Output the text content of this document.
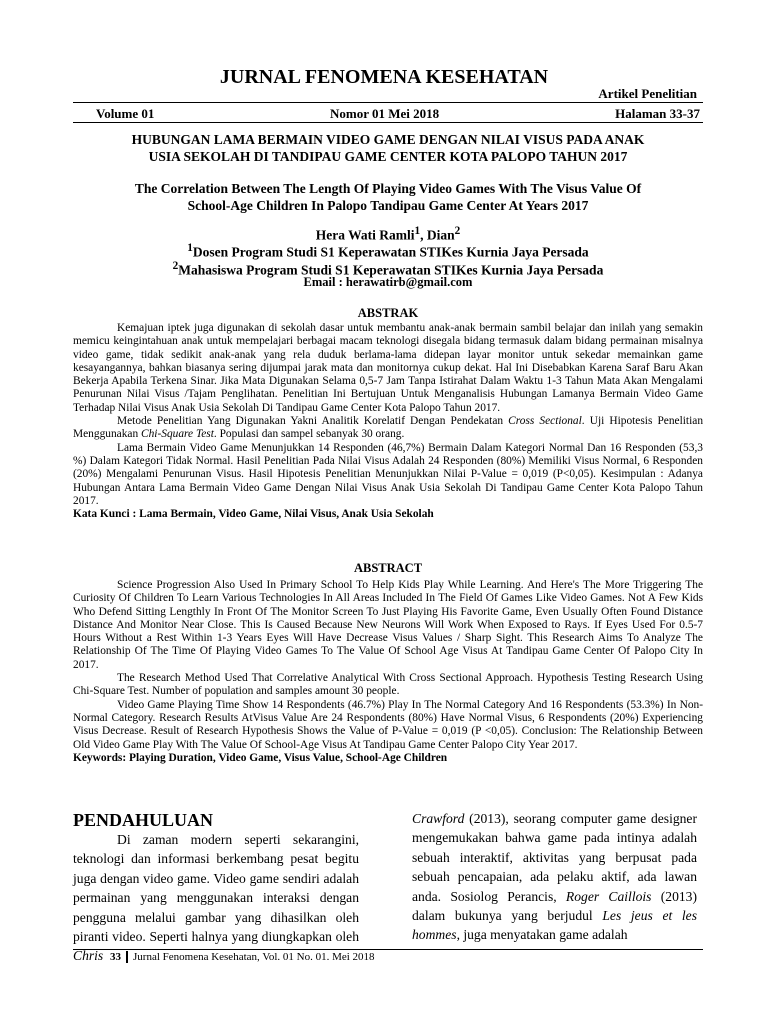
JURNAL FENOMENA KESEHATAN
Artikel Penelitian
Volume 01	Nomor 01 Mei 2018	Halaman 33-37
HUBUNGAN LAMA BERMAIN VIDEO GAME DENGAN NILAI VISUS PADA ANAK
USIA SEKOLAH DI TANDIPAU GAME CENTER KOTA PALOPO TAHUN 2017
The Correlation Between The Length Of Playing Video Games With The Visus Value Of
School-Age Children In Palopo Tandipau Game Center At Years 2017
Hera Wati Ramli$^1$, Dian$^2$
$^1$Dosen Program Studi S1 Keperawatan STIKes Kurnia Jaya Persada
$^2$Mahasiswa Program Studi S1 Keperawatan STIKes Kurnia Jaya Persada
Email : herawatirb@gmail.com
ABSTRAK

Kemajuan iptek juga digunakan di sekolah dasar untuk membantu anak-anak bermain sambil belajar dan inilah yang semakin memicu keingintahuan anak untuk mempelajari berbagai macam teknologi disegala bidang termasuk dalam bidang permainan misalnya video game, tidak sedikit anak-anak yang rela duduk berlama-lama didepan layar monitor untuk sekedar memainkan game kesayangannya, bahkan biasanya sering dijumpai jarak mata dan monitornya cukup dekat. Hal Ini Disebabkan Karena Saraf Baru Akan Bekerja Apabila Terkena Sinar. Jika Mata Digunakan Selama 0,5-7 Jam Tanpa Istirahat Dalam Waktu 1-3 Tahun Mata Akan Mengalami Penurunan Nilai Visus /Tajam Penglihatan. Penelitian Ini Bertujuan Untuk Menganalisis Hubungan Lamanya Bermain Video Game Terhadap Nilai Visus Anak Usia Sekolah Di Tandipau Game Center Kota Palopo Tahun 2017.

Metode Penelitian Yang Digunakan Yakni Analitik Korelatif Dengan Pendekatan Cross Sectional. Uji Hipotesis Penelitian Menggunakan Chi-Square Test. Populasi dan sampel sebanyak 30 orang.

Lama Bermain Video Game Menunjukkan 14 Responden (46,7%) Bermain Dalam Kategori Normal Dan 16 Responden (53,3 %) Dalam Kategori Tidak Normal. Hasil Penelitian Pada Nilai Visus Adalah 24 Responden (80%) Memiliki Visus Normal, 6 Responden (20%) Mengalami Penurunan Visus. Hasil Hipotesis Penelitian Menunjukkan Nilai P-Value = 0,019 (P<0,05). Kesimpulan : Adanya Hubungan Antara Lama Bermain Video Game Dengan Nilai Visus Anak Usia Sekolah Di Tandipau Game Center Kota Palopo Tahun 2017.

Kata Kunci : Lama Bermain, Video Game, Nilai Visus, Anak Usia Sekolah

ABSTRACT

Science Progression Also Used In Primary School To Help Kids Play While Learning. And Here's The More Triggering The Curiosity Of Children To Learn Various Technologies In All Areas Included In The Field Of Games Like Video Games. Not A Few Kids Who Defend Sitting Lengthly In Front Of The Monitor Screen To Just Playing His Favorite Game, Even Usually Often Found Distance Distance And Monitor Near Close. This Is Caused Because New Neurons Will Work When Exposed to Rays. If Eyes Used For 0.5-7 Hours Without a Rest Within 1-3 Years Eyes Will Have Decrease Visus Values / Sharp Sight. This Research Aims To Analyze The Relationship Of The Time Of Playing Video Games To The Value Of School Age Visus At Tandipau Game Center Of Palopo City In 2017.

The Research Method Used That Correlative Analytical With Cross Sectional Approach. Hypothesis Testing Research Using Chi-Square Test. Number of population and samples amount 30 people.

Video Game Playing Time Show 14 Respondents (46.7%) Play In The Normal Category And 16 Respondents (53.3%) In Non-Normal Category. Research Results AtVisus Value Are 24 Respondents (80%) Have Normal Visus, 6 Respondents (20%) Experiencing Visus Decrease. Result of Research Hypothesis Shows the Value of P-Value = 0,019 (P <0,05). Conclusion: The Relationship Between Old Video Game Play With The Value Of School-Age Visus At Tandipau Game Center Palopo City Year 2017.

Keywords: Playing Duration, Video Game, Visus Value, School-Age Children

PENDAHULUAN

Di zaman modern seperti sekarangini, teknologi dan informasi berkembang pesat begitu juga dengan video game. Video game sendiri adalah permainan yang menggunakan interaksi dengan pengguna melalui gambar yang dihasilkan oleh piranti video. Seperti halnya yang diungkapkan oleh Chris

Crawford (2013), seorang computer game designer mengemukakan bahwa game pada intinya adalah sebuah interaktif, aktivitas yang berpusat pada sebuah pencapaian, ada pelaku aktif, ada lawan anda. Sosiolog Perancis, Roger Caillois (2013) dalam bukunya yang berjudul Les jeus et les hommes, juga menyatakan game adalah

33 Jurnal Fenomena Kesehatan, Vol. 01 No. 01. Mei 2018
